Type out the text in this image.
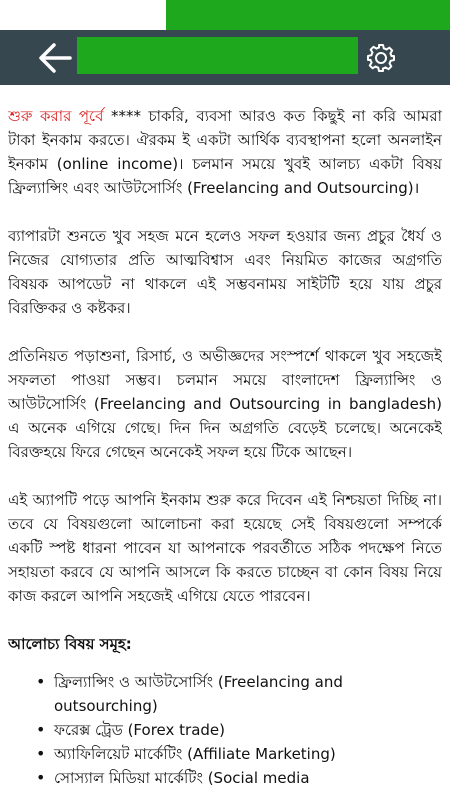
শুরু করার পূর্বে **** চাকরি, ব্যবসা আরও কত কিছুই না করি আমরা টাকা ইনকাম করতে। ঐরকম ই একটা আর্থিক ব্যবস্থাপনা হলো অনলাইন ইনকাম (online income)। চলমান সময়ে খুবই আলচ্য একটা বিষয় ফ্রিল্যান্সিং এবং আউটসোর্সিং (Freelancing and Outsourcing)।

ব্যাপারটা শুনতে খুব সহজ মনে হলেও সফল হওয়ার জন্য প্রচুর ধৈর্য ও নিজের যোগ্যতার প্রতি আত্মবিশ্বাস এবং নিয়মিত কাজের অগ্রগতি বিষয়ক আপডেট না থাকলে এই সম্ভবনাময় সাইটটি হয়ে যায় প্রচুর বিরক্তিকর ও কষ্টকর।

প্রতিনিয়ত পড়াশুনা, রিসার্চ, ও অভীজ্ঞদের সংস্পর্শে থাকলে খুব সহজেই সফলতা পাওয়া সম্ভব। চলমান সময়ে বাংলাদেশ ফ্রিল্যান্সিং ও আউটসোর্সিং (Freelancing and Outsourcing in bangladesh) এ অনেক এগিয়ে গেছে। দিন দিন অগ্রগতি বেড়েই চলেছে। অনেকেই বিরক্তহয়ে ফিরে গেছেন অনেকেই সফল হয়ে টিকে আছেন।

এই অ্যাপটি পড়ে আপনি ইনকাম শুরু করে দিবেন এই নিশ্চয়তা দিচ্ছি না। তবে যে বিষয়গুলো আলোচনা করা হয়েছে সেই বিষয়গুলো সম্পর্কে একটি স্পষ্ট ধারনা পাবেন যা আপনাকে পরবর্তীতে সঠিক পদক্ষেপ নিতে সহায়তা করবে যে আপনি আসলে কি করতে চাচ্ছেন বা কোন বিষয় নিয়ে কাজ করলে আপনি সহজেই এগিয়ে যেতে পারবেন।

আলোচ্য বিষয় সমূহ:
• ফ্রিল্যান্সিং ও আউটসোর্সিং (Freelancing and outsourching)
• ফরেক্স ট্রেড (Forex trade)
• অ্যাফিলিয়েট মার্কেটিং (Affiliate Marketing)
• সোস্যাল মিডিয়া মার্কেটিং (Social media
